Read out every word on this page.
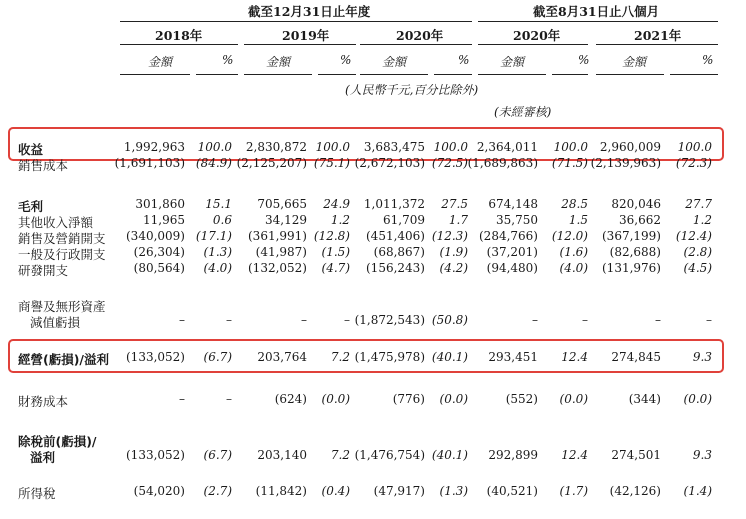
截至12月31日止年度	截至8月31日止八個月
2018年	2019年	2020年	2020年	2021年
金額	%	金額	%	金額	%	金額	%	金額	%
(人民幣千元,百分比除外)
(未經審核)
收益	1,992,963 100.0 2,830,872 100.0 3,683,475 100.0 2,364,011 100.0 2,960,009 100.0
銷售成本	(1,691,103) (84.9) (2,125,207) (75.1) (2,672,103) (72.5) (1,689,863) (71.5) (2,139,963) (72.3)
毛利	301,860 15.1 705,665 24.9 1,011,372 27.5 674,148 28.5 820,046 27.7
其他收入淨額	11,965 0.6	34,129 1.2	61,709 1.7 35,750	1.5	36,662	1.2
銷售及營銷開支 (340,009) (17.1) (361,991) (12.8) (451,406) (12.3) (284,766) (12.0) (367,199) (12.4)
一般及行政開支 (26,304) (1.3) (41,987) (1.5) (68,867) (1.9) (37,201) (1.6) (82,688) (2.8)
研發開支	(80,564) (4.0) (132,052) (4.7) (156,243) (4.2) (94,480) (4.0) (131,976) (4.5)
商譽及無形資產
減值虧損	–	–	–	– (1,872,543) (50.8)	–	–	–	–
經營(虧損)/溢利 (133,052) (6.7) 203,764 7.2 (1,475,978) (40.1) 293,451 12.4 274,845	9.3
財務成本	–	–	(624) (0.0)	(776) (0.0)	(552) (0.0)	(344) (0.0)
除稅前(虧損)/
溢利	(133,052) (6.7) 203,140 7.2 (1,476,754) (40.1) 292,899 12.4 274,501	9.3
所得稅	(54,020) (2.7) (11,842) (0.4) (47,917) (1.3) (40,521) (1.7) (42,126) (1.4)
